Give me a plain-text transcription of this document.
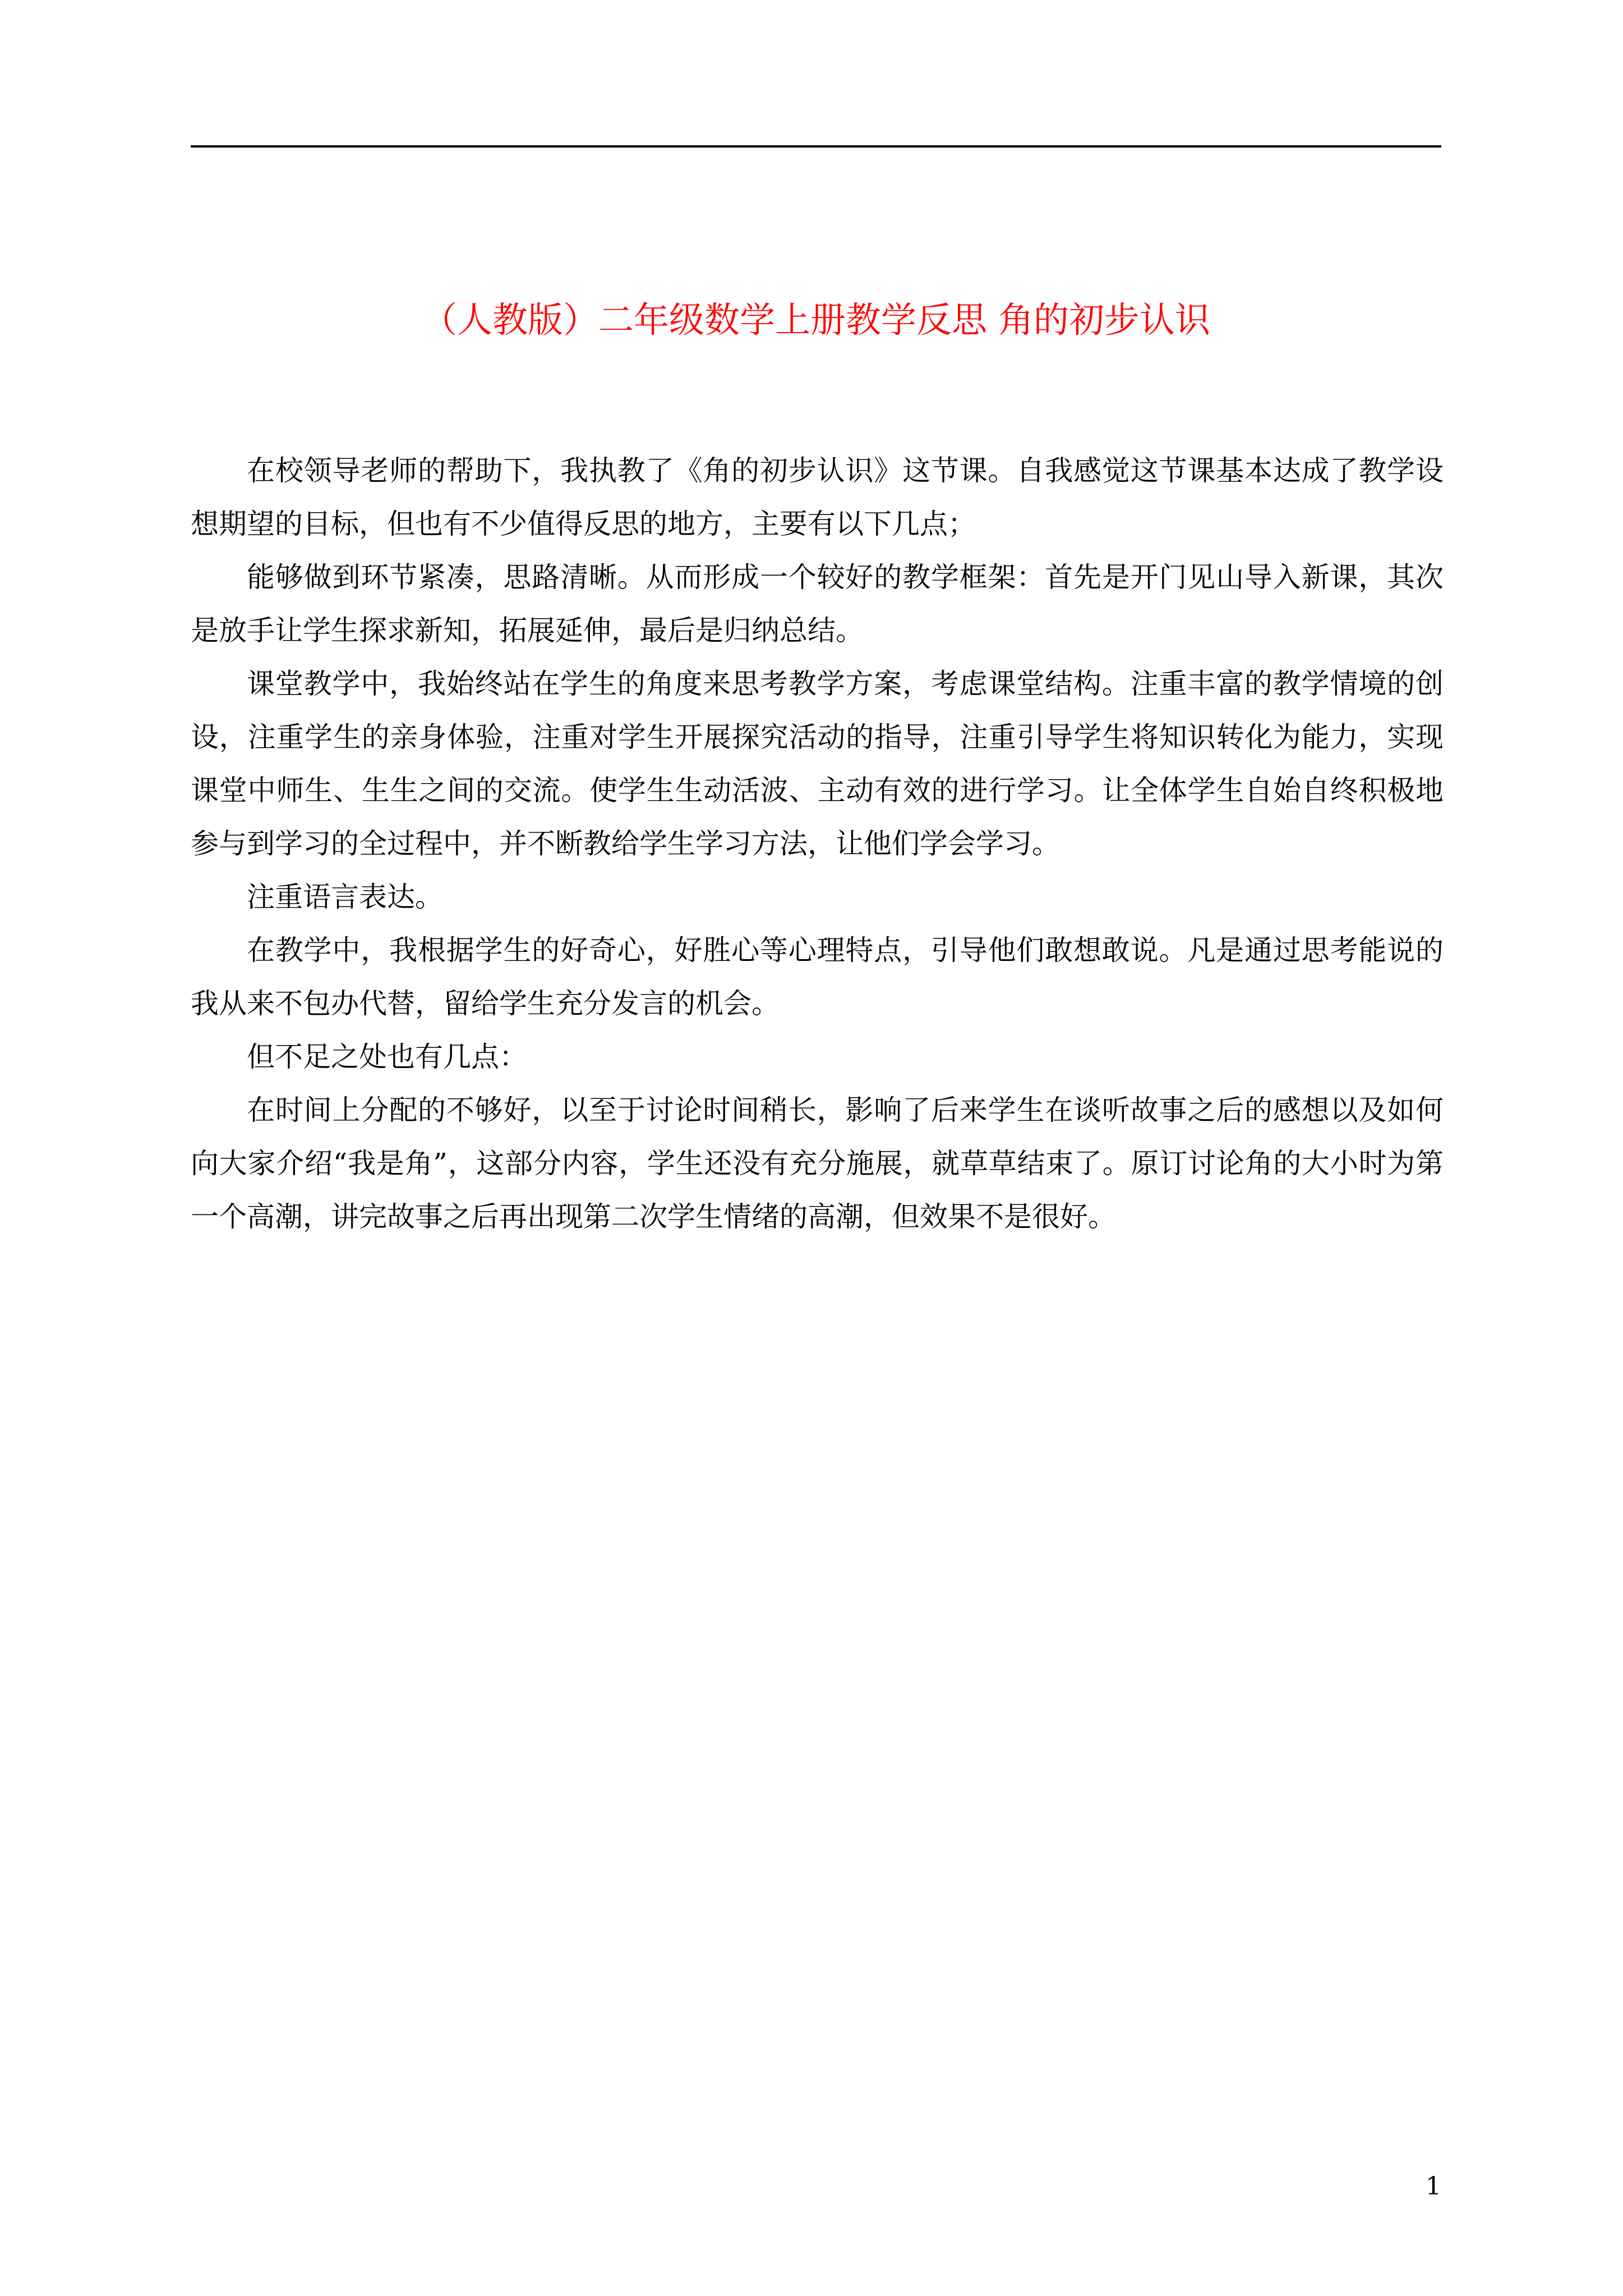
（人教版）二年级数学上册教学反思 角的初步认识

在校领导老师的帮助下，我执教了《角的初步认识》这节课。自我感觉这节课基本达成了教学设想期望的目标，但也有不少值得反思的地方，主要有以下几点；

能够做到环节紧凑，思路清晰。从而形成一个较好的教学框架：首先是开门见山导入新课，其次是放手让学生探求新知，拓展延伸，最后是归纳总结。

课堂教学中，我始终站在学生的角度来思考教学方案，考虑课堂结构。注重丰富的教学情境的创设，注重学生的亲身体验，注重对学生开展探究活动的指导，注重引导学生将知识转化为能力，实现课堂中师生、生生之间的交流。使学生生动活波、主动有效的进行学习。让全体学生自始自终积极地参与到学习的全过程中，并不断教给学生学习方法，让他们学会学习。

注重语言表达。

在教学中，我根据学生的好奇心，好胜心等心理特点，引导他们敢想敢说。凡是通过思考能说的我从来不包办代替，留给学生充分发言的机会。

但不足之处也有几点：

在时间上分配的不够好，以至于讨论时间稍长，影响了后来学生在谈听故事之后的感想以及如何向大家介绍“我是角”，这部分内容，学生还没有充分施展，就草草结束了。原订讨论角的大小时为第一个高潮，讲完故事之后再出现第二次学生情绪的高潮，但效果不是很好。

1
